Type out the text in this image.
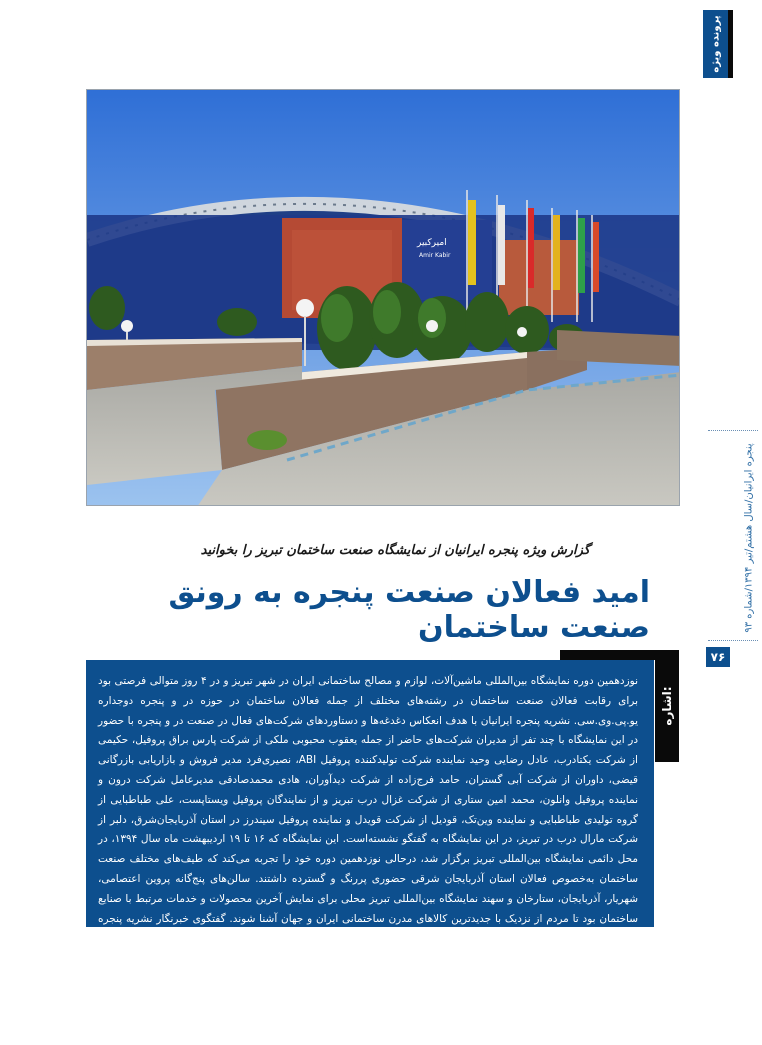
پرونده ویژه
امیرکبیر
Amir Kabir
پنجره ایرانیان/سال هشتم/تیر ۱۳۹۴/شماره ۹۳
۷۶
گزارش ویژه پنجره ایرانیان از نمایشگاه صنعت ساختمان تبریز را بخوانید
امید فعالان صنعت پنجره به رونق صنعت ساختمان
اشاره:

نوزدهمین دوره نمایشگاه بین‌المللی ماشین‌آلات، لوازم و مصالح ساختمانی ایران در شهر تبریز و در ۴ روز متوالی فرصتی بود برای رقابت فعالان صنعت ساختمان در رشته‌های مختلف از جمله فعالان ساختمان در حوزه در و پنجره دوجداره یو.پی.وی.سی. نشریه پنجره ایرانیان با هدف انعکاس دغدغه‌ها و دستاوردهای شرکت‌های فعال در صنعت در و پنجره با حضور در این نمایشگاه با چند تفر از مدیران شرکت‌های حاضر از جمله یعقوب محبوبی ملکی از شرکت پارس براق پروفیل، حکیمی از شرکت یکتادرب، عادل رضایی وحید نماینده شرکت تولیدکننده پروفیل ABI، نصیری‌فرد مدیر فروش و بازاریابی بازرگانی قیضی، داوران از شرکت آبی گستران، حامد فرج‌زاده از شرکت دیدآوران، هادی محمدصادقی مدیرعامل شرکت درون و نماینده پروفیل وانلون، محمد امین ستاری از شرکت غزال درب تبریز و از نمایندگان پروفیل ویستاپست، علی طباطبایی از گروه تولیدی طباطبایی و نماینده وین‌تک، قودیل از شرکت قویدل و نماینده پروفیل سیندرز در استان آذربایجان‌شرق، دلبر از شرکت مارال درب در تبریز، در این نمایشگاه به گفتگو نشسته‌است. این نمایشگاه که ۱۶ تا ۱۹ اردیبهشت ماه سال ۱۳۹۴، در محل دائمی نمایشگاه بین‌المللی تبریز برگزار شد، درحالی نوزدهمین دوره خود را تجربه می‌کند که طیف‌های مختلف صنعت ساختمان به‌خصوص فعالان استان آذربایجان شرقی حضوری پررنگ و گسترده داشتند. سالن‌های پنج‌گانه پروین اعتصامی، شهریار، آذربایجان، ستارخان و سهند نمایشگاه بین‌المللی تبریز محلی برای نمایش آخرین محصولات و خدمات مرتبط با صنایع ساختمان بود تا مردم از نزدیک با جدیدترین کالاهای مدرن ساختمانی ایران و جهان آشنا شوند. گفتگوی خبرنگار نشریه پنجره ایرانیان با برخی از شرکت‌های حاضر در نوزدهمین نمایشگاه بین‌المللی ماشین‌آلات، لوازم و مصالح ساختمانی ایران - تبریز را بخوانید:
